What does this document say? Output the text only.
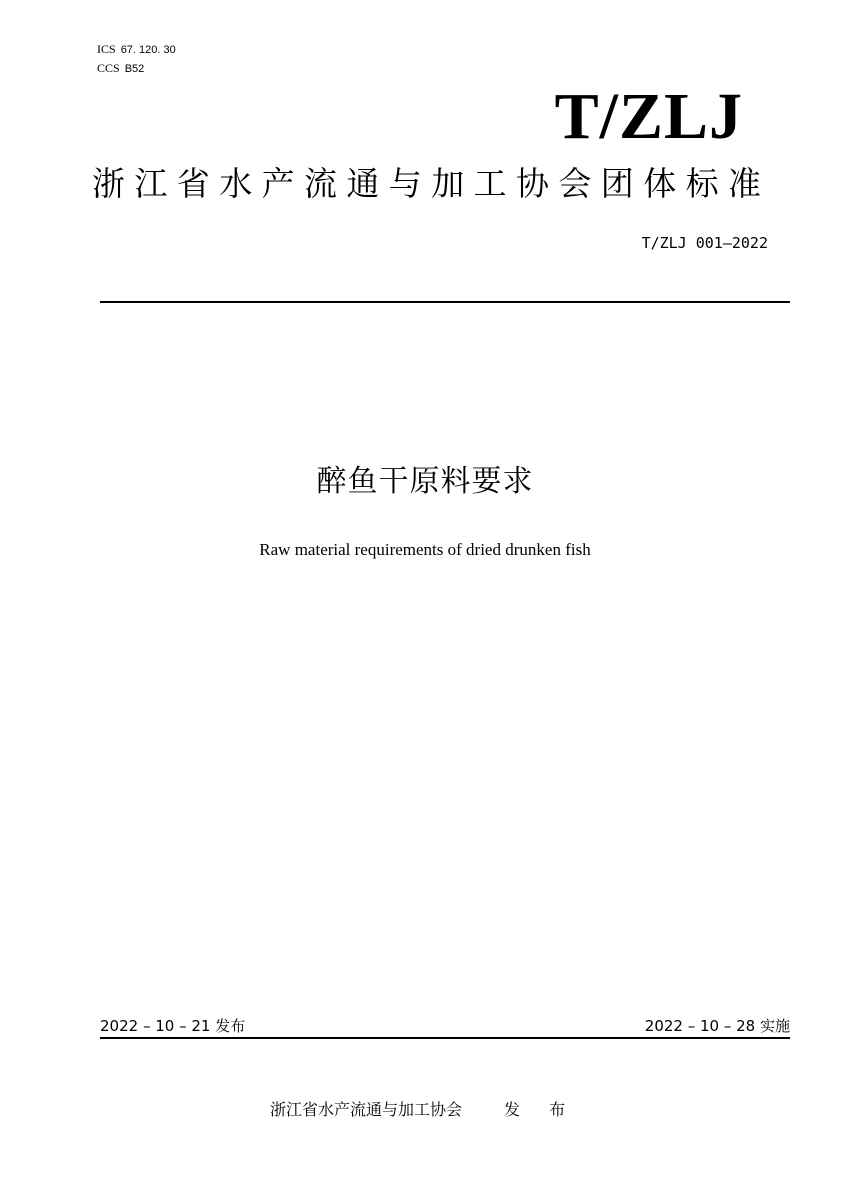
ICS 67. 120. 30
CCS B52
T/ZLJ
浙江省水产流通与加工协会团体标准
T/ZLJ 001—2022
醉鱼干原料要求
Raw material requirements of dried drunken fish
2022 – 10 – 21 发布	2022 – 10 – 28 实施
浙江省水产流通与加工协会	发 布
